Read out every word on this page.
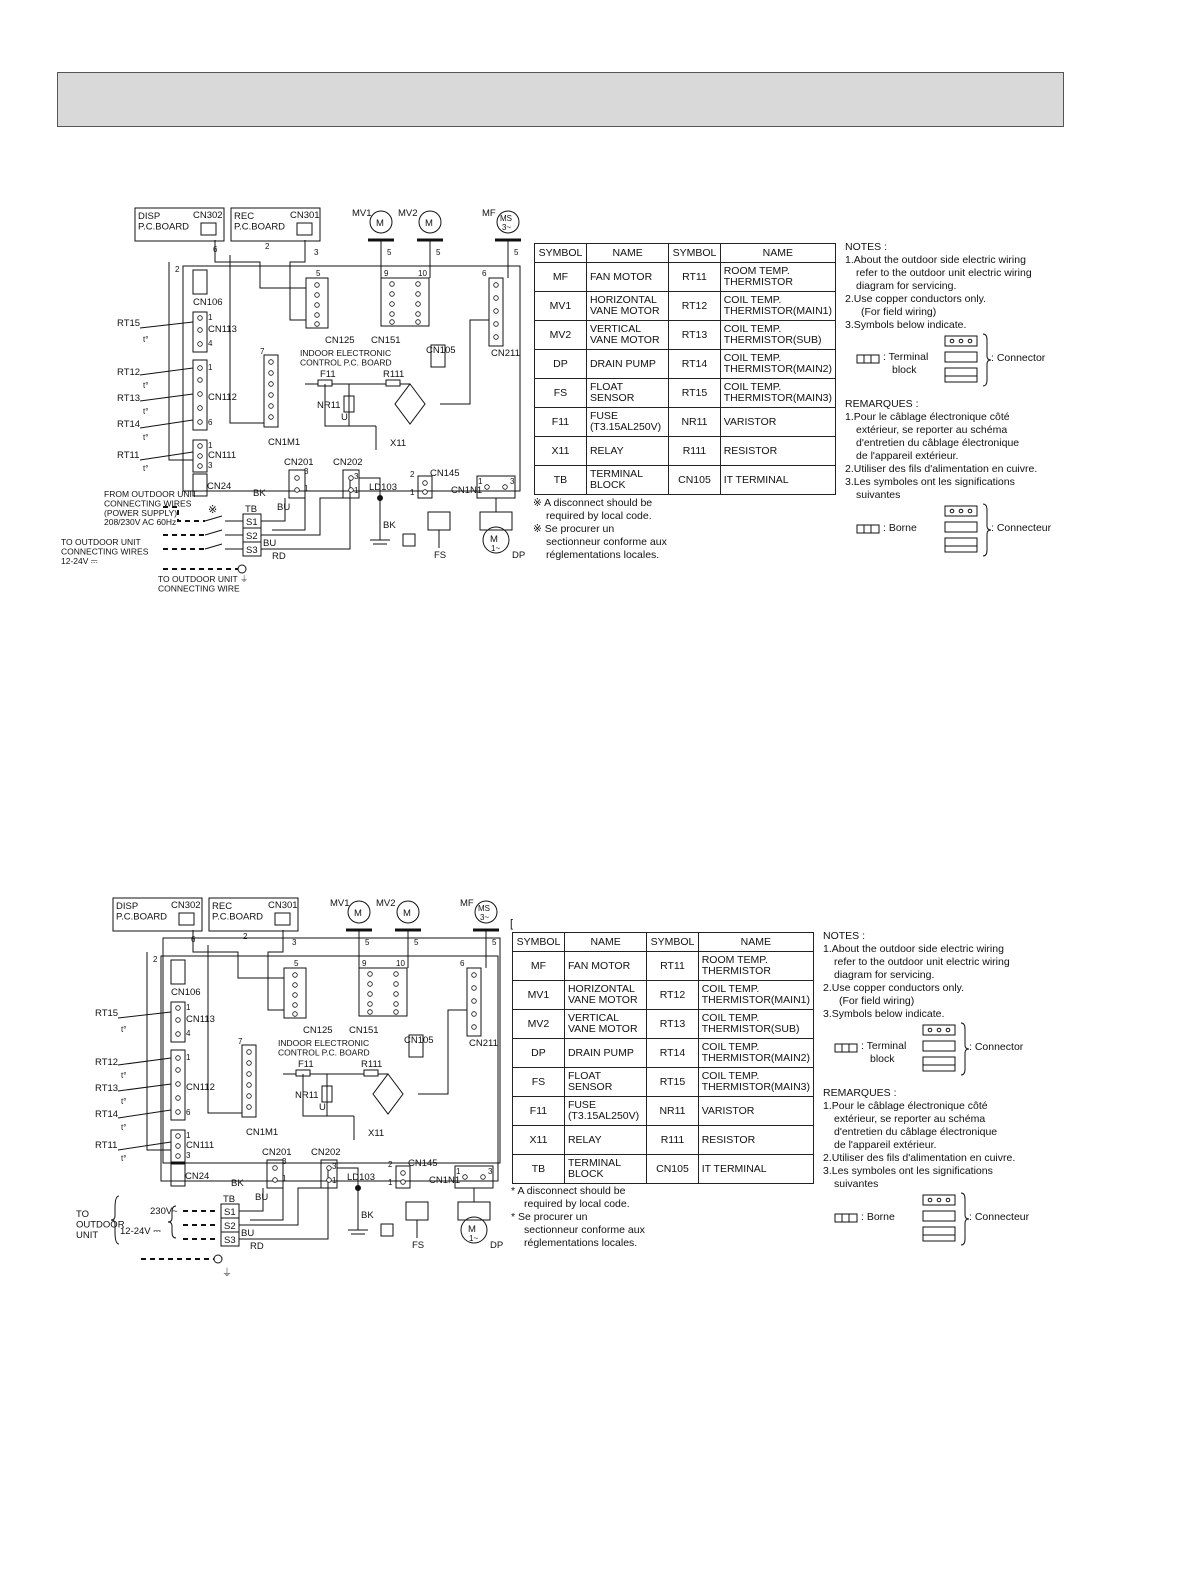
DISP P.C.BOARD
CN302 REC P.C.BOARD
CN301	MV1	MV2	MF
M	M	MS
3~
CN106
CN113
CN112
CN111
CN24
CN125 CN151
CN105	CN211
CN1M1
CN201 CN202
CN145
CN1N1
RT15
RT12
RT13
RT14
RT11
t°
t°
t°
t°
t°
INDOOR ELECTRONIC CONTROL P.C. BOARD
F11	R111
NR11
U
X11
LD103
FS	DP
M
1~
TB
S1
S2
S3
BK
BU
BU
RD
BK
6	2
3	5	5	5
2	5	9	10	6
7
1
4
1
6
1
3
3
1
3
1
2
1
1	3
FROM OUTDOOR UNIT CONNECTING WIRES (POWER SUPPLY) 208/230V AC 60Hz
TO OUTDOOR UNIT CONNECTING WIRES 12-24V ⎓
TO OUTDOOR UNIT ⏚ CONNECTING WIRE
※
※ A disconnect should be
required by local code.
※ Se procurer un
sectionneur conforme aux
réglementations locales.
SYMBOL	NAME	SYMBOL	NAME
MF	FAN MOTOR	RT11	ROOM TEMP.
THERMISTOR
MV1	HORIZONTAL
VANE MOTOR	RT12	COIL TEMP.
THERMISTOR(MAIN1)
MV2	VERTICAL
VANE MOTOR	RT13	COIL TEMP.
THERMISTOR(SUB)
DP	DRAIN PUMP	RT14	COIL TEMP.
THERMISTOR(MAIN2)
FS	FLOAT SENSOR	RT15	COIL TEMP.
THERMISTOR(MAIN3)
F11	FUSE
(T3.15AL250V)	NR11	VARISTOR
X11	RELAY	R111	RESISTOR
TB	TERMINAL
BLOCK	CN105	IT TERMINAL
NOTES :
1.About the outdoor side electric wiring
refer to the outdoor unit electric wiring
diagram for servicing.
2.Use copper conductors only.
(For field wiring)
3.Symbols below indicate.
: Terminal
block
: Connector
REMARQUES :
1.Pour le câblage électronique côté
extérieur, se reporter au schéma
d'entretien du câblage électronique
de l'appareil extérieur.
2.Utiliser des fils d'alimentation en cuivre.
3.Les symboles ont les significations
suivantes
: Borne	: Connecteur
DISP P.C.BOARD
CN302 REC P.C.BOARD
CN301	MV1	MV2	MF
M	M	MS
3~
CN106
CN113
CN112
CN111
CN24
CN125 CN151
CN105	CN211
CN1M1
CN201 CN202
CN145
CN1N1
RT15
RT12
RT13
RT14
RT11
t°
t°
t°
t°
t°
INDOOR ELECTRONIC CONTROL P.C. BOARD
F11	R111
NR11
U
X11
LD103
FS	DP
M
1~
TB
S1
S2
S3
BK
BU
BU
RD
BK
6	2
3	5	5	5
2	5	9	10	6
7
1
4
1
6
1
3
3
1
3
1
2
1
1	3
TO OUTDOOR UNIT
230V~
12-24V ⎓
⏚
* A disconnect should be
required by local code.
* Se procurer un
sectionneur conforme aux
réglementations locales.
[
SYMBOL	NAME	SYMBOL	NAME
MF	FAN MOTOR	RT11	ROOM TEMP.
THERMISTOR
MV1	HORIZONTAL
VANE MOTOR	RT12	COIL TEMP.
THERMISTOR(MAIN1)
MV2	VERTICAL
VANE MOTOR	RT13	COIL TEMP.
THERMISTOR(SUB)
DP	DRAIN PUMP	RT14	COIL TEMP.
THERMISTOR(MAIN2)
FS	FLOAT SENSOR	RT15	COIL TEMP.
THERMISTOR(MAIN3)
F11	FUSE
(T3.15AL250V)	NR11	VARISTOR
X11	RELAY	R111	RESISTOR
TB	TERMINAL
BLOCK	CN105	IT TERMINAL
NOTES :
1.About the outdoor side electric wiring
refer to the outdoor unit electric wiring
diagram for servicing.
2.Use copper conductors only.
(For field wiring)
3.Symbols below indicate.
: Terminal
block
: Connector
REMARQUES :
1.Pour le câblage électronique côté
extérieur, se reporter au schéma
d'entretien du câblage électronique
de l'appareil extérieur.
2.Utiliser des fils d'alimentation en cuivre.
3.Les symboles ont les significations
suivantes
: Borne	: Connecteur
